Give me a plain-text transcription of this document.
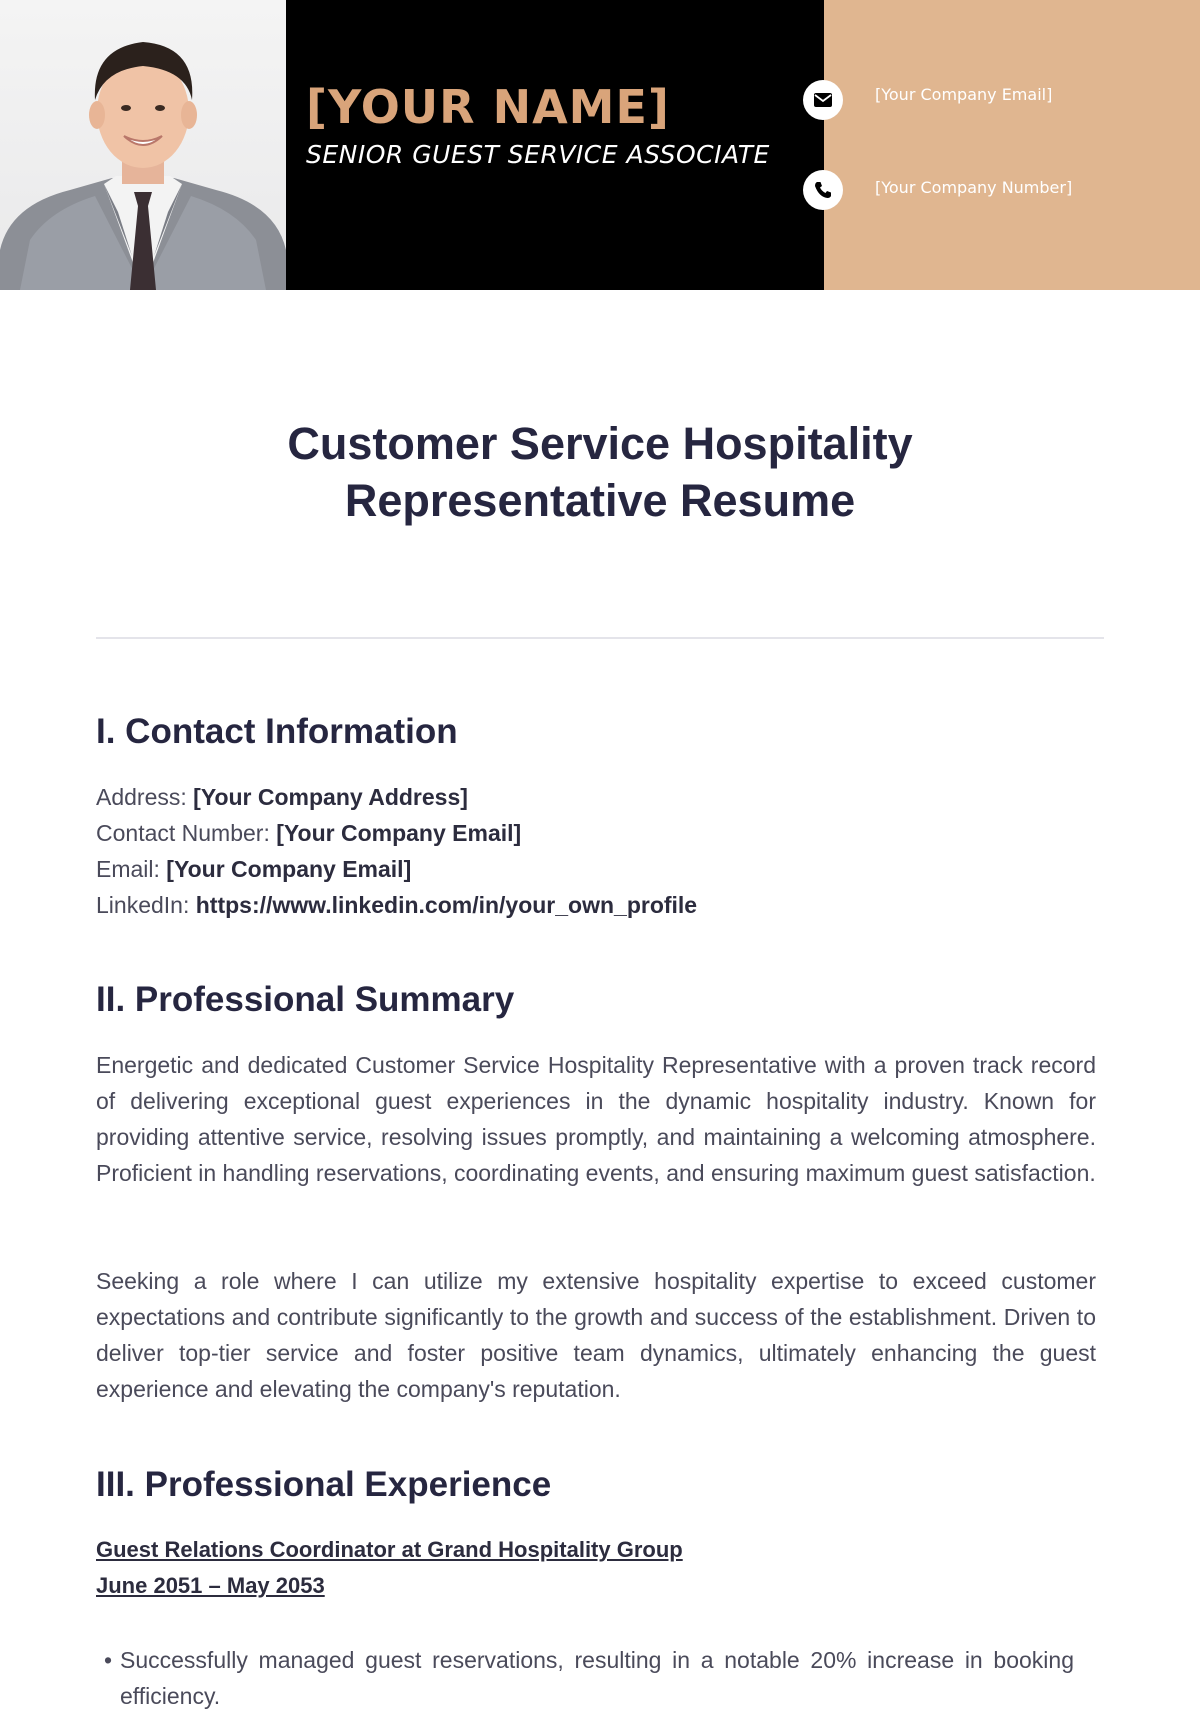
[YOUR NAME]
SENIOR GUEST SERVICE ASSOCIATE
[Your Company Email]
[Your Company Number]
Customer Service Hospitality
Representative Resume
I. Contact Information
Address: [Your Company Address]
Contact Number: [Your Company Email]
Email: [Your Company Email]
LinkedIn: https://www.linkedin.com/in/your_own_profile
II. Professional Summary

Energetic and dedicated Customer Service Hospitality Representative with a proven track record of delivering exceptional guest experiences in the dynamic hospitality industry. Known for providing attentive service, resolving issues promptly, and maintaining a welcoming atmosphere. Proficient in handling reservations, coordinating events, and ensuring maximum guest satisfaction.

Seeking a role where I can utilize my extensive hospitality expertise to exceed customer expectations and contribute significantly to the growth and success of the establishment. Driven to deliver top-tier service and foster positive team dynamics, ultimately enhancing the guest experience and elevating the company's reputation.

III. Professional Experience
Guest Relations Coordinator at Grand Hospitality Group
June 2051 – May 2053
• Successfully managed guest reservations, resulting in a notable 20% increase in booking efficiency.
